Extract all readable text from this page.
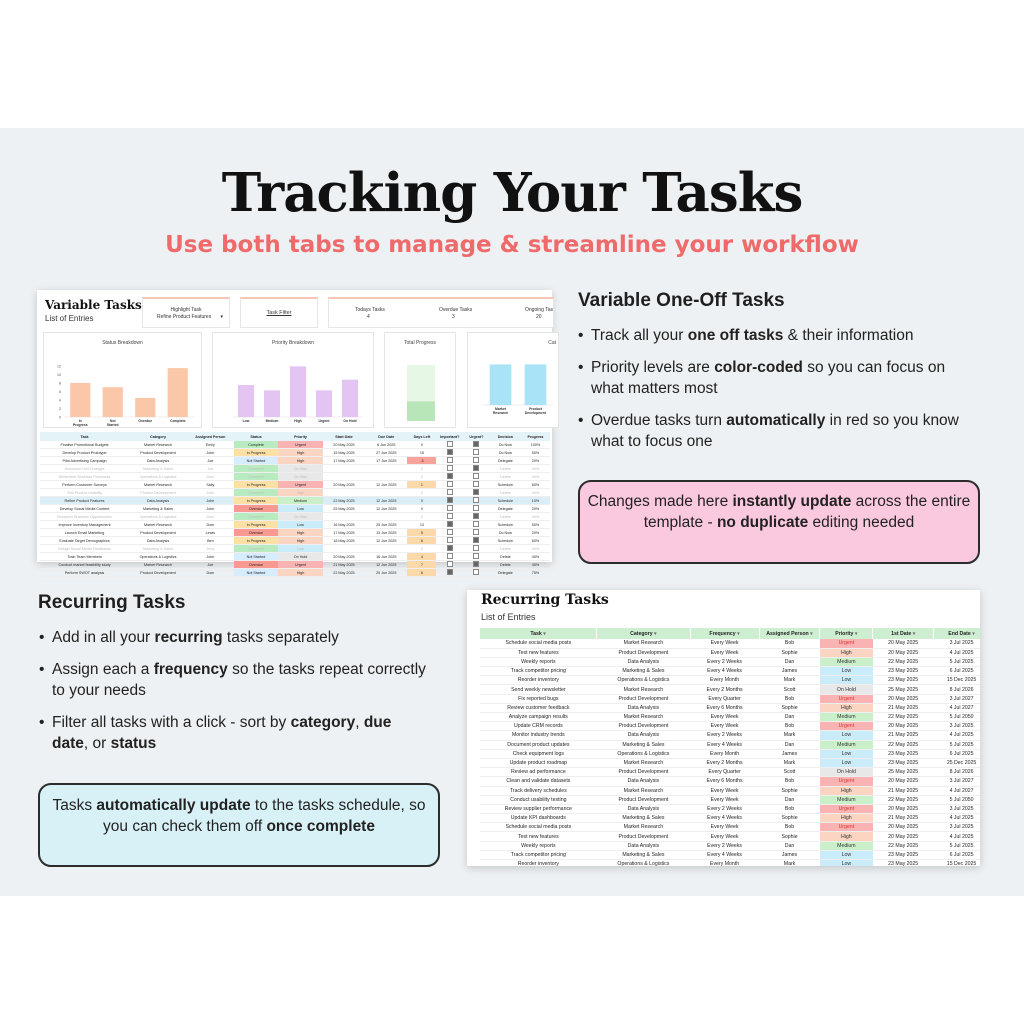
Tracking Your Tasks
Use both tabs to manage & streamline your workflow
Variable Tasks
List of Entries
Highlight Task
Refine Product Features ▾
Task Filter	Todays Tasks
4
Overdue Tasks
3
Ongoing Tas
20
Status Breakdown
12
10
8
6
4
2
0
In
Progress
Not
Started
Overdue	Complete
Priority Breakdown
Low	Medium	High	Urgent	On Hold
Total Progress	Cat
Market
Research
Product
Development
Task	Category	Assigned Person	Status	Priority	Start Date	Due Date	Days Left	Important?	Urgent?	Decision	Progress
Finalise Promotional Budgets	Market Research	Emily	Complete	Urgent	20 May 2025	6 Jun 2025	0			Do Now	100%
Develop Product Prototype	Product Development	John	In Progress	High	15 May 2025	27 Jun 2025	15			Do Now	50%
Pilot Advertising Campaign	Data Analysis	Joe	Not Started	High	17 May 2025	17 Jun 2025	-3			Delegate	20%
Announce Unit Changes	Marketing & Sales	Joe	Complete	On Hold			0			Delete	40%
Streamline Workflow Processes	Operations & Logistics	Dom	Complete	On Hold			0			Delete	40%
Perform Customer Surveys	Market Research	Sally	In Progress	Urgent	20 May 2025	12 Jun 2025	1			Schedule	60%
Test Product Usability	Product Development	John	Complete	High			0			Delete	40%
Refine Product Features	Data Analysis	John	In Progress	Medium	22 May 2025	12 Jun 2025	0			Schedule	10%
Develop Social Media Content	Marketing & Sales	John	Overdue	Low	25 May 2025	12 Jun 2025	0			Delegate	20%
Research Business Opportunities	Operations & Logistics	Dom	Complete	On Hold			0			Delete	40%
Improve Inventory Management	Market Research	Dom	In Progress	Low	16 May 2025	25 Jun 2025	13			Schedule	50%
Launch Email Marketing	Product Development	Lewis	Overdue	High	17 May 2025	13 Jun 2025	5			Do Now	20%
Evaluate Target Demographics	Data Analysis	Ben	In Progress	High	18 May 2025	12 Jun 2025	6			Schedule	60%
Design Social Media Feedbacks	Marketing & Sales	Tony	Complete	Low			0			Delete	40%
Train Team Members	Operations & Logistics	John	Not Started	On Hold	20 May 2025	16 Jun 2025	4			Delete	40%
Conduct market feasibility study	Market Research	Joe	Overdue	Urgent	21 May 2025	12 Jun 2025	7			Delete	40%
Perform SWOT analysis	Product Development	Dom	Not Started	High	22 May 2025	20 Jun 2025	6			Delegate	75%
Variable One-Off Tasks
• Track all your one off tasks & their information
• Priority levels are color-coded so you can focus on what matters most
• Overdue tasks turn automatically in red so you know what to focus one
Changes made here instantly update across the entire template - no duplicate editing needed
Recurring Tasks
• Add in all your recurring tasks separately
• Assign each a frequency so the tasks repeat correctly to your needs
• Filter all tasks with a click - sort by category, due date, or status
Tasks automatically update to the tasks schedule, so you can check them off once complete
Recurring Tasks
List of Entries
Task ▾	Category ▾	Frequency ▾	Assigned Person ▾	Priority ▾	1st Date ▾	End Date ▾
Schedule social media posts	Market Research	Every Week	Bob	Urgent	20 May 2025	3 Jul 2025
Test new features	Product Development	Every Week	Sophie	High	20 May 2025	4 Jul 2025
Weekly reports	Data Analysis	Every 2 Weeks	Dan	Medium	22 May 2025	5 Jul 2025
Track competitor pricing	Marketing & Sales	Every 4 Weeks	James	Low	23 May 2025	6 Jul 2025
Reorder inventory	Operations & Logistics	Every Month	Mark	Low	23 May 2025	15 Dec 2025
Send weekly newsletter	Market Research	Every 2 Months	Scott	On Hold	25 May 2025	8 Jul 2026
Fix reported bugs	Product Development	Every Quarter	Bob	Urgent	20 May 2025	3 Jul 2027
Review customer feedback	Data Analysis	Every 6 Months	Sophie	High	21 May 2025	4 Jul 2027
Analyze campaign results	Market Research	Every Week	Dan	Medium	22 May 2025	5 Jul 2050
Update CRM records	Product Development	Every Week	Bob	Urgent	20 May 2025	3 Jul 2025
Monitor industry trends	Data Analysis	Every 2 Weeks	Mark	Low	21 May 2025	4 Jul 2025
Document product updates	Marketing & Sales	Every 4 Weeks	Dan	Medium	22 May 2025	5 Jul 2025
Check equipment logs	Operations & Logistics	Every Month	James	Low	23 May 2025	6 Jul 2025
Update product roadmap	Market Research	Every 2 Months	Mark	Low	23 May 2025	25 Dec 2025
Review ad performance	Product Development	Every Quarter	Scott	On Hold	25 May 2025	8 Jul 2026
Clean and validate datasets	Data Analysis	Every 6 Months	Bob	Urgent	20 May 2025	3 Jul 2027
Track delivery schedules	Market Research	Every Week	Sophie	High	21 May 2025	4 Jul 2027
Conduct usability testing	Product Development	Every Week	Dan	Medium	22 May 2025	5 Jul 2050
Review supplier performance	Data Analysis	Every 2 Weeks	Bob	Urgent	20 May 2025	3 Jul 2025
Update KPI dashboards	Marketing & Sales	Every 4 Weeks	Sophie	High	21 May 2025	4 Jul 2025
Schedule social media posts	Market Research	Every Week	Bob	Urgent	20 May 2025	3 Jul 2025
Test new features	Product Development	Every Week	Sophie	High	20 May 2025	4 Jul 2025
Weekly reports	Data Analysis	Every 2 Weeks	Dan	Medium	22 May 2025	5 Jul 2025
Track competitor pricing	Marketing & Sales	Every 4 Weeks	James	Low	23 May 2025	6 Jul 2025
Reorder inventory	Operations & Logistics	Every Month	Mark	Low	23 May 2025	15 Dec 2025
